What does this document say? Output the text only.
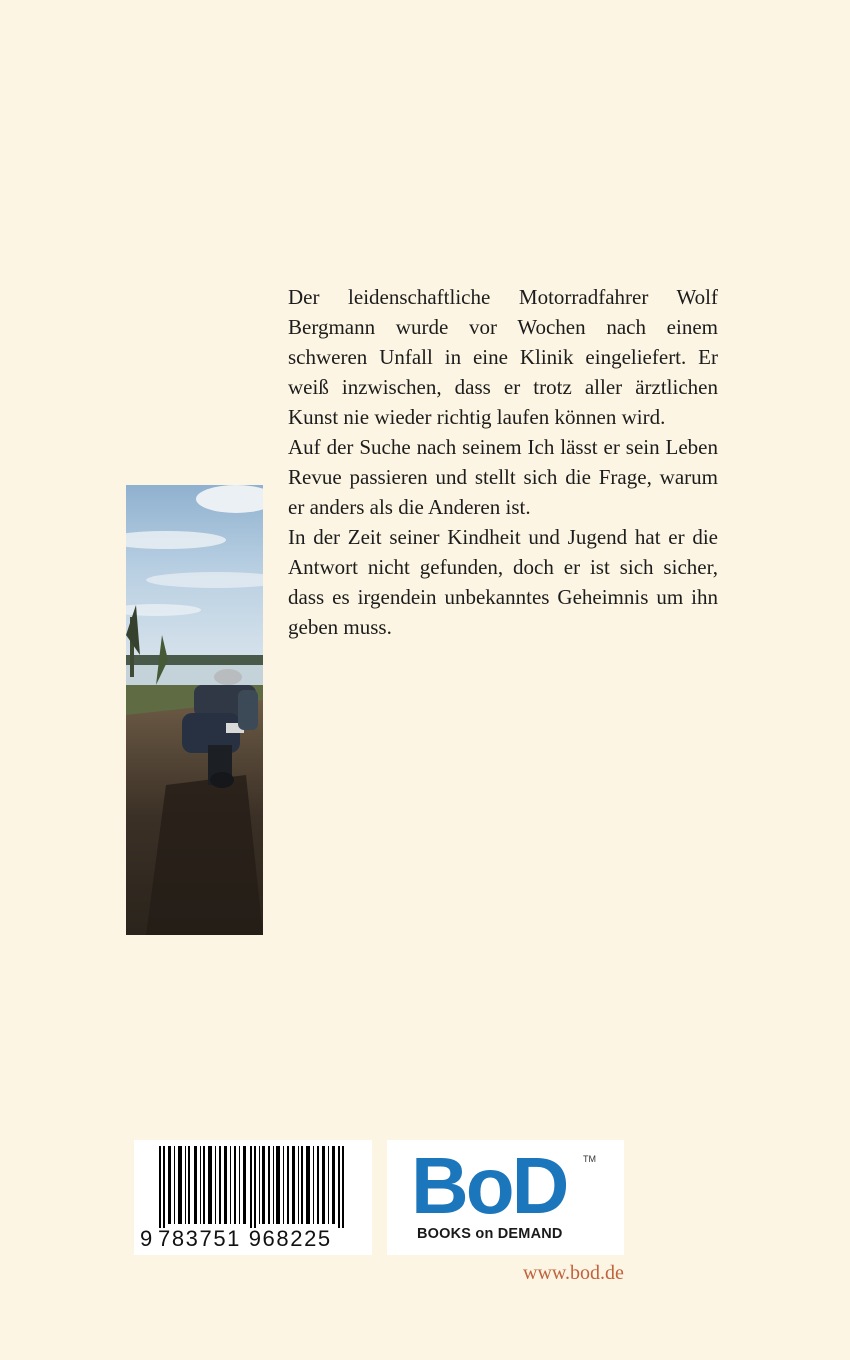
Der leidenschaftliche Motorradfahrer Wolf Bergmann wurde vor Wochen nach einem schweren Unfall in eine Klinik eingeliefert. Er weiß inzwischen, dass er trotz aller ärztlichen Kunst nie wieder richtig laufen können wird.

Auf der Suche nach seinem Ich lässt er sein Leben Revue passieren und stellt sich die Frage, warum er anders als die Anderen ist.

In der Zeit seiner Kindheit und Jugend hat er die Antwort nicht gefunden, doch er ist sich sicher, dass es irgendein unbekanntes Geheimnis um ihn geben muss.

9 783751 968225
BoD TM
BOOKS on DEMAND
www.bod.de
